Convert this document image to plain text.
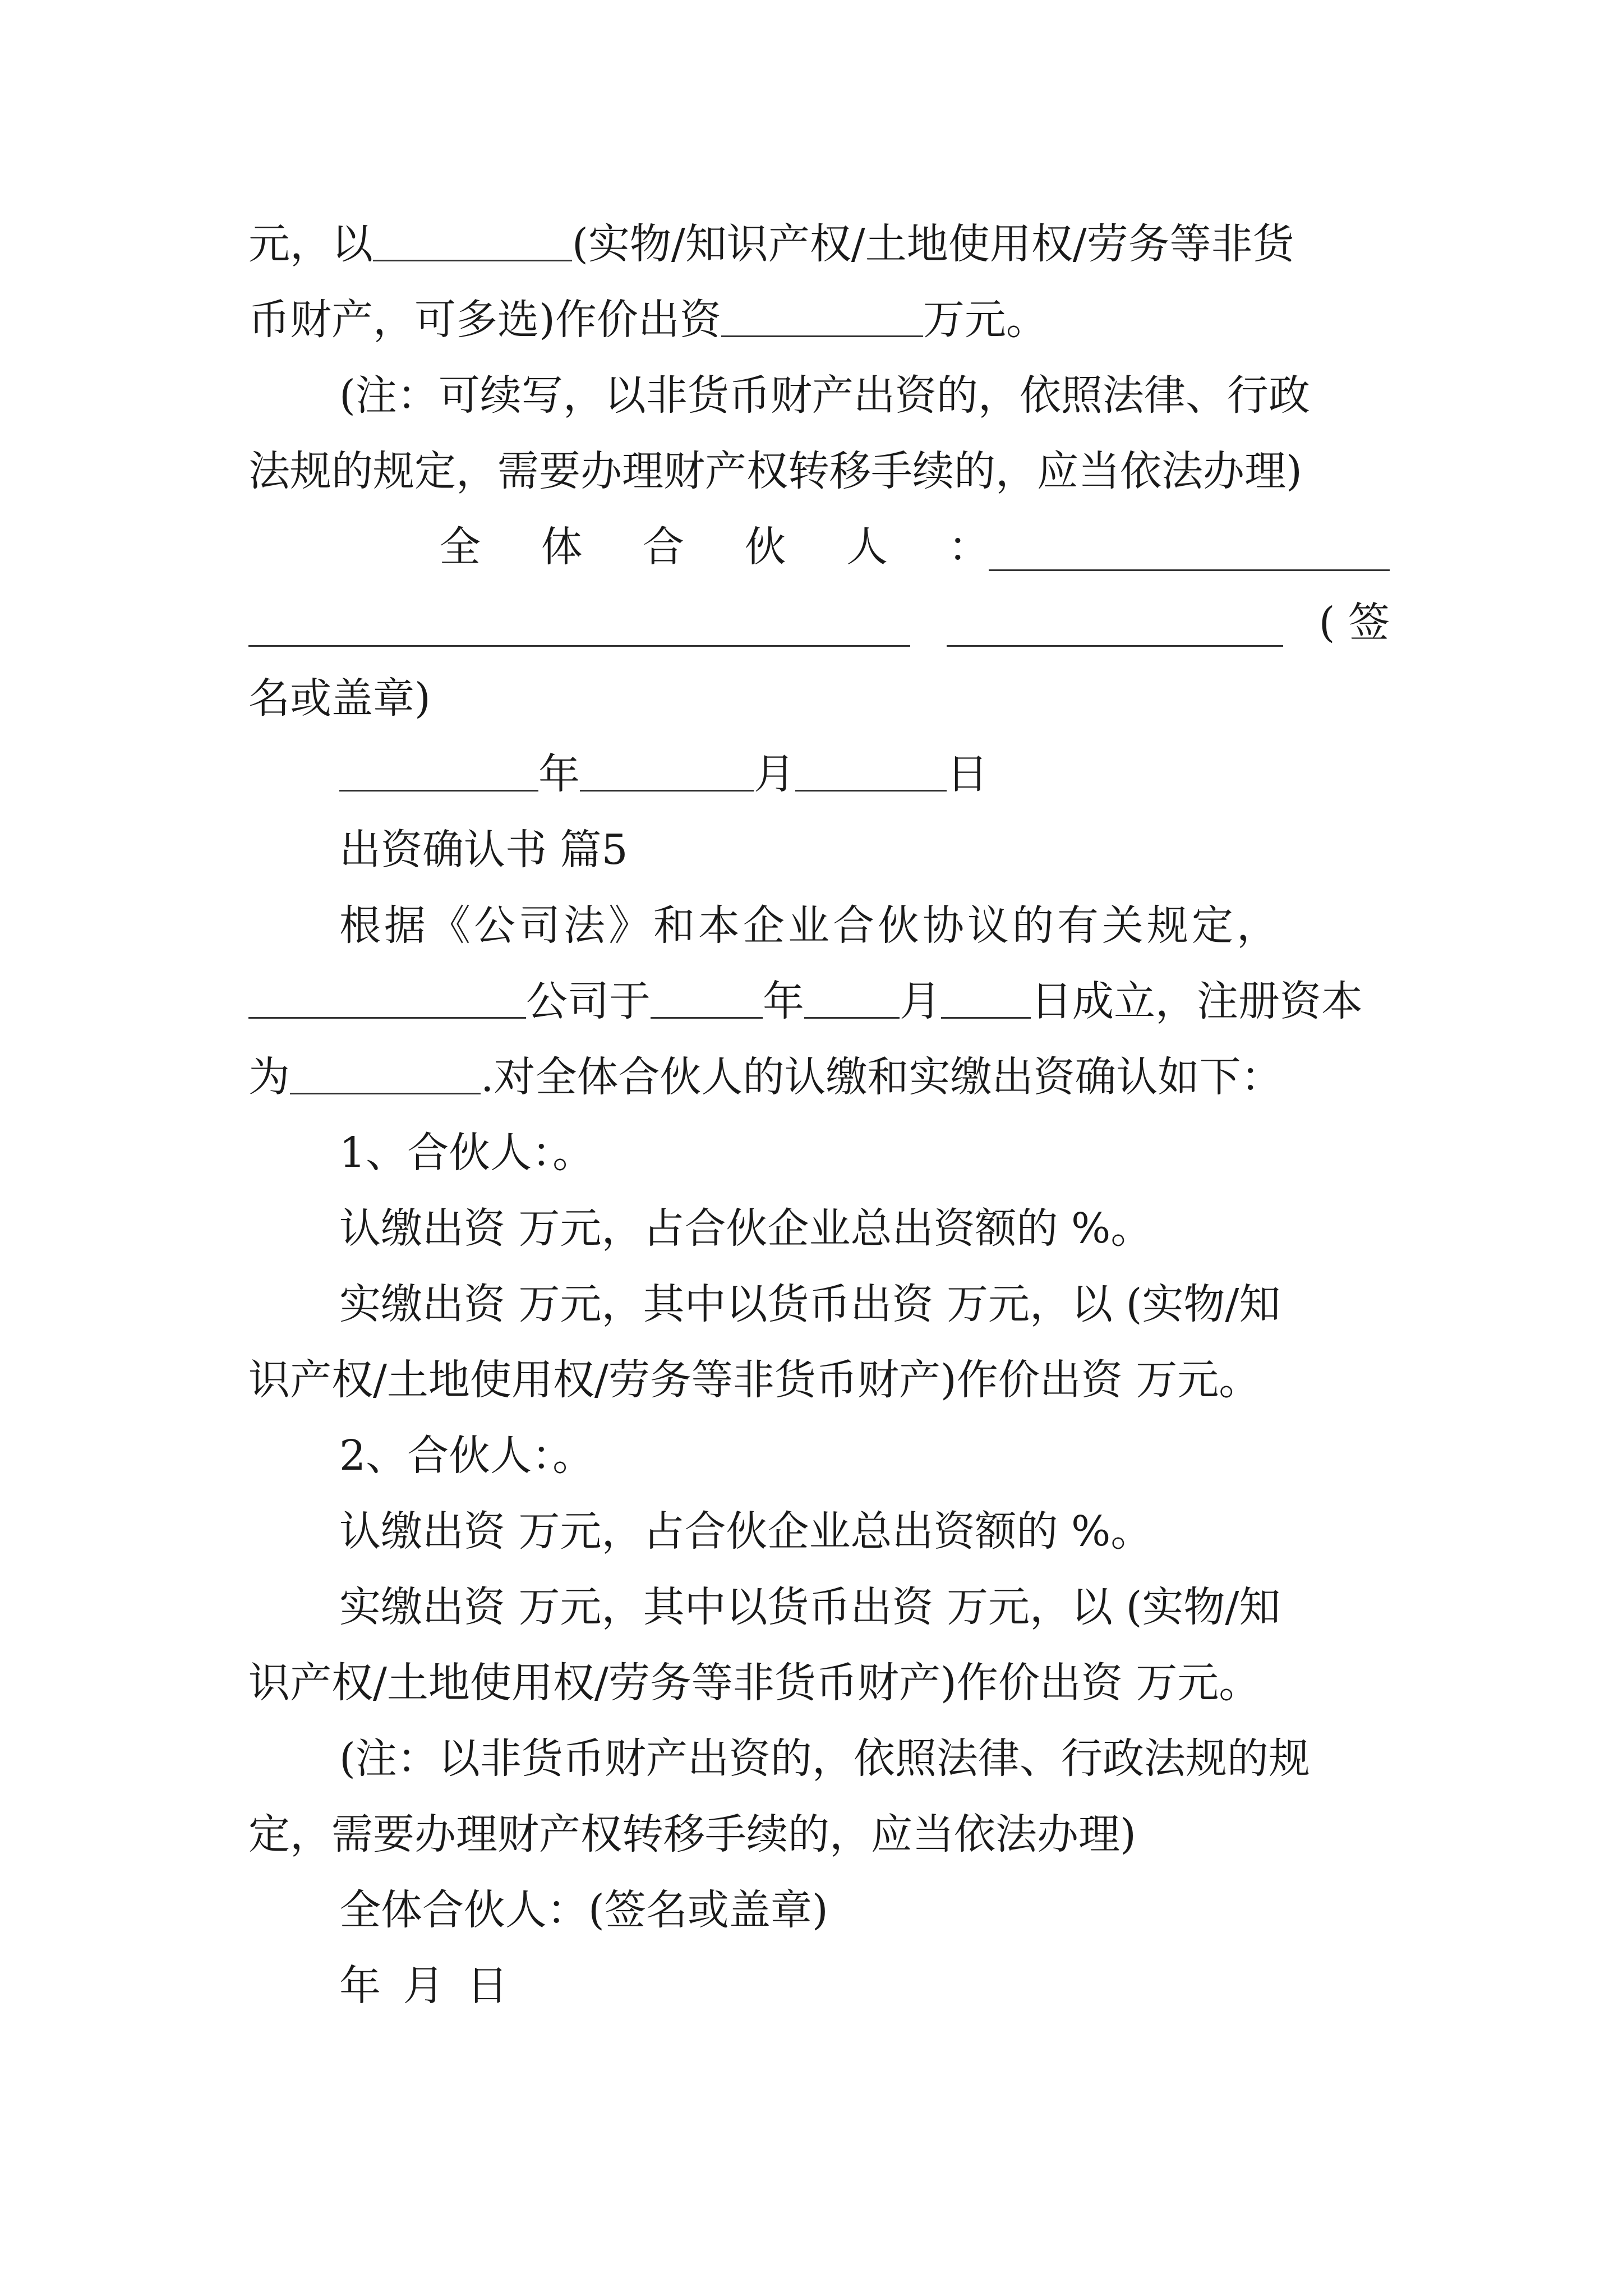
元，以	(实物/知识产权/土地使用权/劳务等非货
币财产，可多选)作价出资	万元。
(注：可续写，以非货币财产出资的，依照法律、行政
法规的规定，需要办理财产权转移手续的，应当依法办理)
全 体 合 伙 人 ：
( 签
名或盖章)
年	月	日
出资确认书 篇5
根据《公司法》和本企业合伙协议的有关规定，
公司于	年 月 日成立，注册资本
为	.对全体合伙人的认缴和实缴出资确认如下：
1、合伙人：。
认缴出资 万元，占合伙企业总出资额的 %。
实缴出资 万元，其中以货币出资 万元，以 (实物/知
识产权/土地使用权/劳务等非货币财产)作价出资 万元。
2、合伙人：。
认缴出资 万元，占合伙企业总出资额的 %。
实缴出资 万元，其中以货币出资 万元，以 (实物/知
识产权/土地使用权/劳务等非货币财产)作价出资 万元。
(注：以非货币财产出资的，依照法律、行政法规的规
定，需要办理财产权转移手续的，应当依法办理)
全体合伙人：(签名或盖章)
年 月 日
